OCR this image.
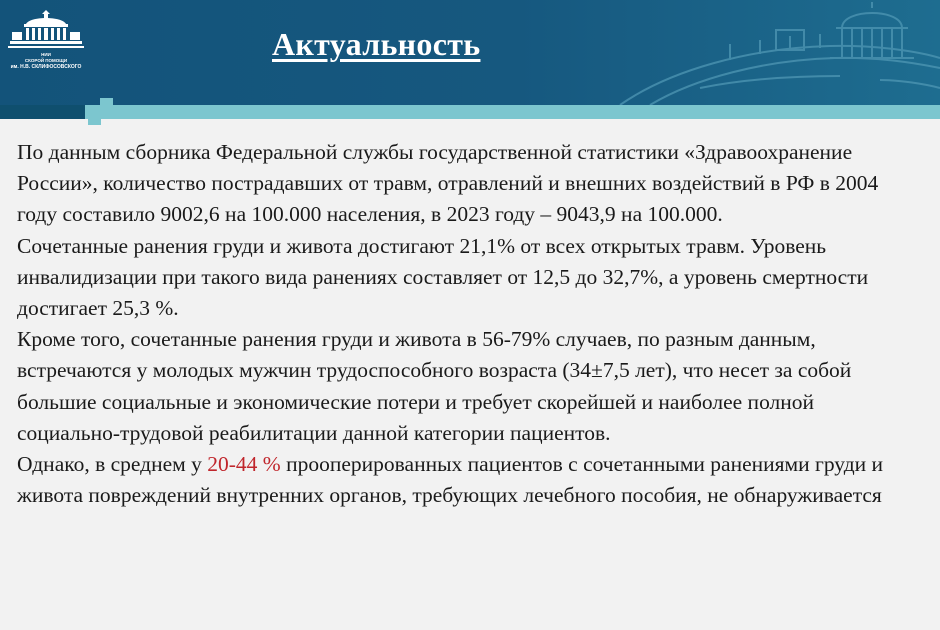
НИИ
СКОРОЙ ПОМОЩИ
им. Н.В. СКЛИФОСОВСКОГО
Актуальность

По данным сборника Федеральной службы государственной статистики «Здравоохранение России», количество пострадавших от травм, отравлений и внешних воздействий в РФ в 2004 году составило 9002,6 на 100.000 населения, в 2023 году – 9043,9 на 100.000.

Сочетанные ранения груди и живота достигают 21,1% от всех открытых травм. Уровень инвалидизации при такого вида ранениях составляет от 12,5 до 32,7%, а уровень смертности достигает 25,3 %.

Кроме того, сочетанные ранения груди и живота в 56-79% случаев, по разным данным, встречаются у молодых мужчин трудоспособного возраста (34±7,5 лет), что несет за собой большие социальные и экономические потери и требует скорейшей и наиболее полной социально-трудовой реабилитации данной категории пациентов.

Однако, в среднем у 20-44 % прооперированных пациентов с сочетанными ранениями груди и живота повреждений внутренних органов, требующих лечебного пособия, не обнаруживается
